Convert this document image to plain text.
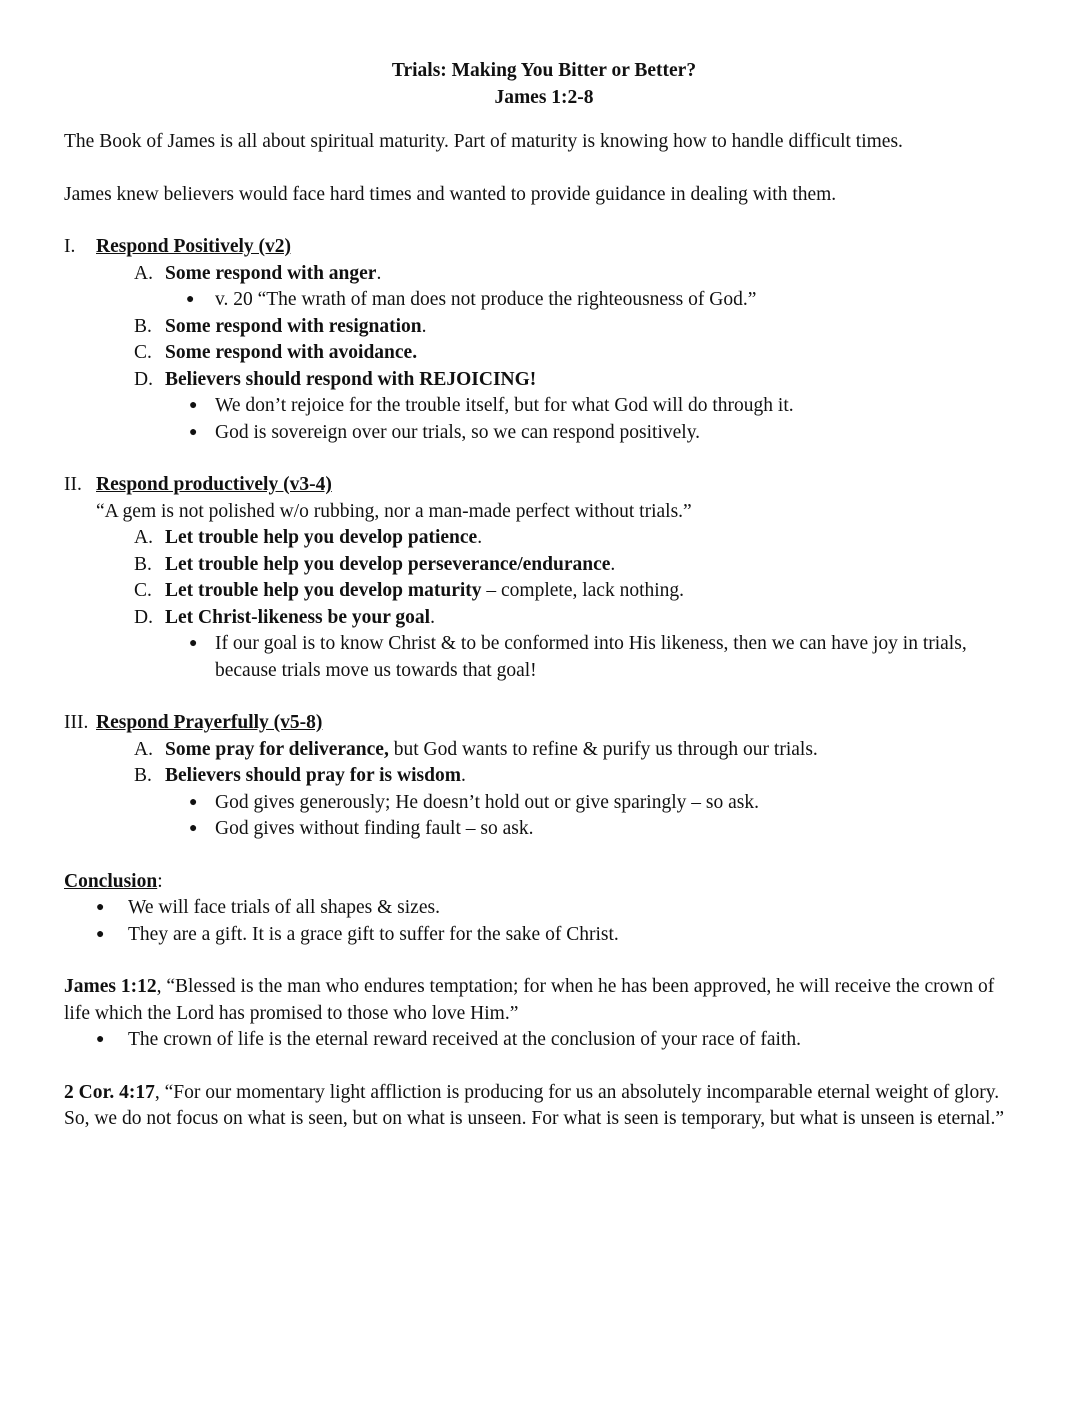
Trials: Making You Bitter or Better?
James 1:2-8

The Book of James is all about spiritual maturity. Part of maturity is knowing how to handle difficult times.

James knew believers would face hard times and wanted to provide guidance in dealing with them.

I. Respond Positively (v2)
A. Some respond with anger.
● v. 20 “The wrath of man does not produce the righteousness of God.”
B. Some respond with resignation.
C. Some respond with avoidance.
D. Believers should respond with REJOICING!
● We don’t rejoice for the trouble itself, but for what God will do through it.
● God is sovereign over our trials, so we can respond positively.
II. Respond productively (v3-4)
“A gem is not polished w/o rubbing, nor a man-made perfect without trials.”
A. Let trouble help you develop patience.
B. Let trouble help you develop perseverance/endurance.
C. Let trouble help you develop maturity – complete, lack nothing.
D. Let Christ-likeness be your goal.
● If our goal is to know Christ & to be conformed into His likeness, then we can have joy in trials, because trials move us towards that goal!
III. Respond Prayerfully (v5-8)
A. Some pray for deliverance, but God wants to refine & purify us through our trials.
B. Believers should pray for is wisdom.
● God gives generously; He doesn’t hold out or give sparingly – so ask.
● God gives without finding fault – so ask.
Conclusion:
● We will face trials of all shapes & sizes.
● They are a gift. It is a grace gift to suffer for the sake of Christ.

James 1:12, “Blessed is the man who endures temptation; for when he has been approved, he will receive the crown of life which the Lord has promised to those who love Him.”

● The crown of life is the eternal reward received at the conclusion of your race of faith.

2 Cor. 4:17, “For our momentary light affliction is producing for us an absolutely incomparable eternal weight of glory. So, we do not focus on what is seen, but on what is unseen. For what is seen is temporary, but what is unseen is eternal.”
